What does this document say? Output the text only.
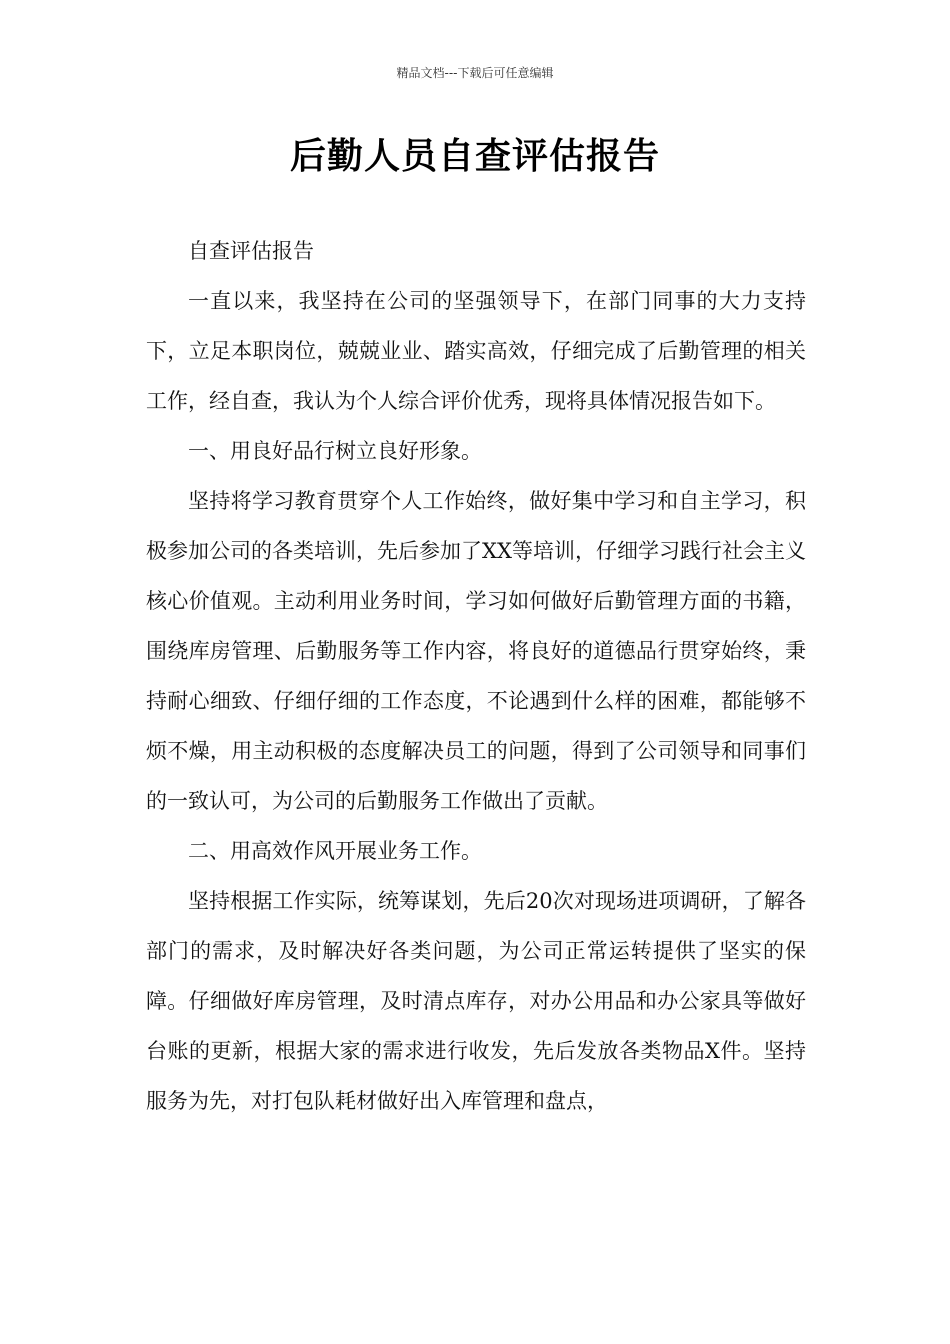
精品文档---下载后可任意编辑
后勤人员自查评估报告

自查评估报告

一直以来，我坚持在公司的坚强领导下，在部门同事的大力支持下，立足本职岗位，兢兢业业、踏实高效，仔细完成了后勤管理的相关工作，经自查，我认为个人综合评价优秀，现将具体情况报告如下。

一、用良好品行树立良好形象。

坚持将学习教育贯穿个人工作始终，做好集中学习和自主学习，积极参加公司的各类培训，先后参加了XX等培训，仔细学习践行社会主义核心价值观。主动利用业务时间，学习如何做好后勤管理方面的书籍，围绕库房管理、后勤服务等工作内容，将良好的道德品行贯穿始终，秉持耐心细致、仔细仔细的工作态度，不论遇到什么样的困难，都能够不烦不燥，用主动积极的态度解决员工的问题，得到了公司领导和同事们的一致认可，为公司的后勤服务工作做出了贡献。

二、用高效作风开展业务工作。

坚持根据工作实际，统筹谋划，先后20次对现场进项调研，了解各部门的需求，及时解决好各类问题，为公司正常运转提供了坚实的保障。仔细做好库房管理，及时清点库存，对办公用品和办公家具等做好台账的更新，根据大家的需求进行收发，先后发放各类物品X件。坚持服务为先，对打包队耗材做好出入库管理和盘点，
